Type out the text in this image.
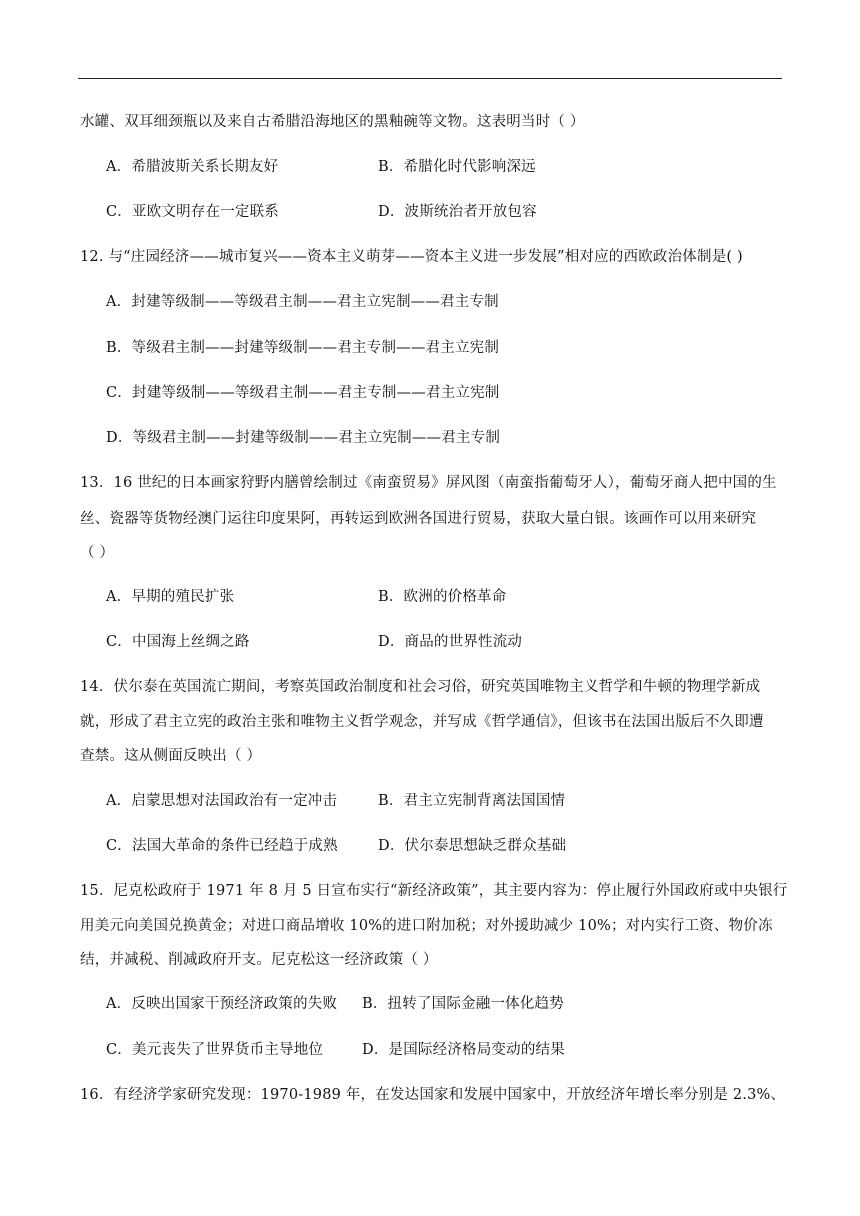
水罐、双耳细颈瓶以及来自古希腊沿海地区的黑釉碗等文物。这表明当时（ ）
A．希腊波斯关系长期友好	B．希腊化时代影响深远
C．亚欧文明存在一定联系	D．波斯统治者开放包容
12. 与“庄园经济——城市复兴——资本主义萌芽——资本主义进一步发展”相对应的西欧政治体制是( )
A．封建等级制——等级君主制——君主立宪制——君主专制
B．等级君主制——封建等级制——君主专制——君主立宪制
C．封建等级制——等级君主制——君主专制——君主立宪制
D．等级君主制——封建等级制——君主立宪制——君主专制
13．16 世纪的日本画家狩野内膳曾绘制过《南蛮贸易》屏风图（南蛮指葡萄牙人），葡萄牙商人把中国的生
丝、瓷器等货物经澳门运往印度果阿，再转运到欧洲各国进行贸易，获取大量白银。该画作可以用来研究
（ ）
A．早期的殖民扩张	B．欧洲的价格革命
C．中国海上丝绸之路	D．商品的世界性流动
14．伏尔泰在英国流亡期间，考察英国政治制度和社会习俗，研究英国唯物主义哲学和牛顿的物理学新成
就，形成了君主立宪的政治主张和唯物主义哲学观念，并写成《哲学通信》，但该书在法国出版后不久即遭
查禁。这从侧面反映出（ ）
A．启蒙思想对法国政治有一定冲击	B．君主立宪制背离法国国情
C．法国大革命的条件已经趋于成熟	D．伏尔泰思想缺乏群众基础
15．尼克松政府于 1971 年 8 月 5 日宣布实行“新经济政策”，其主要内容为：停止履行外国政府或中央银行
用美元向美国兑换黄金；对进口商品增收 10%的进口附加税；对外援助减少 10%；对内实行工资、物价冻
结，并减税、削减政府开支。尼克松这一经济政策（ ）
A．反映出国家干预经济政策的失败 B．扭转了国际金融一体化趋势
C．美元丧失了世界货币主导地位	D．是国际经济格局变动的结果
16．有经济学家研究发现：1970-1989 年，在发达国家和发展中国家中，开放经济年增长率分别是 2.3%、
